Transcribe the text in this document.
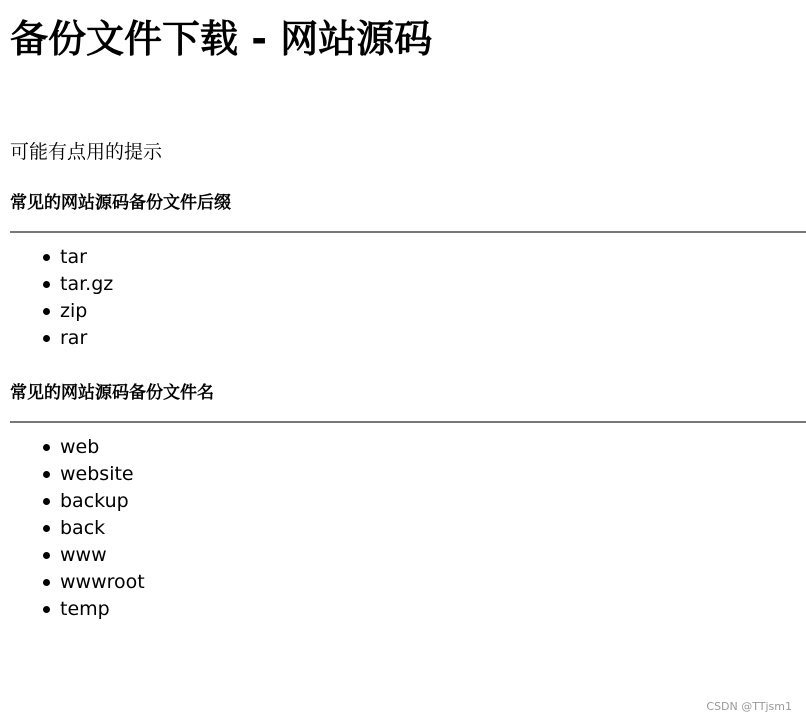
备份文件下载 - 网站源码

可能有点用的提示

常见的网站源码备份文件后缀
tar
tar.gz
zip
rar
常见的网站源码备份文件名
web
website
backup
back
www
wwwroot
temp
CSDN @TTjsm1
